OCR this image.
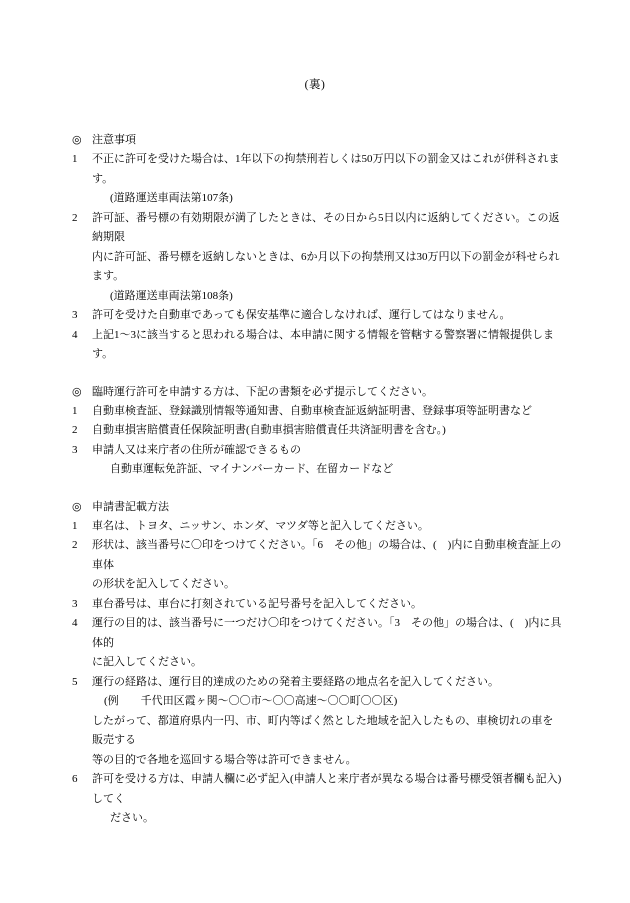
(裏)
◎ 注意事項
1	不正に許可を受けた場合は、1年以下の拘禁刑若しくは50万円以下の罰金又はこれが併科されます。

(道路運送車両法第107条)

2	許可証、番号標の有効期限が満了したときは、その日から5日以内に返納してください。この返納期限

内に許可証、番号標を返納しないときは、6か月以下の拘禁刑又は30万円以下の罰金が科せられます。

(道路運送車両法第108条)

3	許可を受けた自動車であっても保安基準に適合しなければ、運行してはなりません。

4	上記1～3に該当すると思われる場合は、本申請に関する情報を管轄する警察署に情報提供します。

◎ 臨時運行許可を申請する方は、下記の書類を必ず提示してください。
1	自動車検査証、登録識別情報等通知書、自動車検査証返納証明書、登録事項等証明書など

2	自動車損害賠償責任保険証明書(自動車損害賠償責任共済証明書を含む。)

3	申請人又は来庁者の住所が確認できるもの

自動車運転免許証、マイナンバーカード、在留カードなど

◎ 申請書記載方法
1	車名は、トヨタ、ニッサン、ホンダ、マツダ等と記入してください。

2	形状は、該当番号に〇印をつけてください。「6　その他」の場合は、(　)内に自動車検査証上の車体

の形状を記入してください。

3	車台番号は、車台に打刻されている記号番号を記入してください。

4	運行の目的は、該当番号に一つだけ〇印をつけてください。「3　その他」の場合は、(　)内に具体的

に記入してください。

5	運行の経路は、運行目的達成のための発着主要経路の地点名を記入してください。

(例　　千代田区霞ヶ関～〇〇市～〇〇高速～〇〇町〇〇区)

したがって、都道府県内一円、市、町内等ばく然とした地域を記入したもの、車検切れの車を販売する

等の目的で各地を巡回する場合等は許可できません。

6	許可を受ける方は、申請人欄に必ず記入(申請人と来庁者が異なる場合は番号標受領者欄も記入)してく

ださい。
